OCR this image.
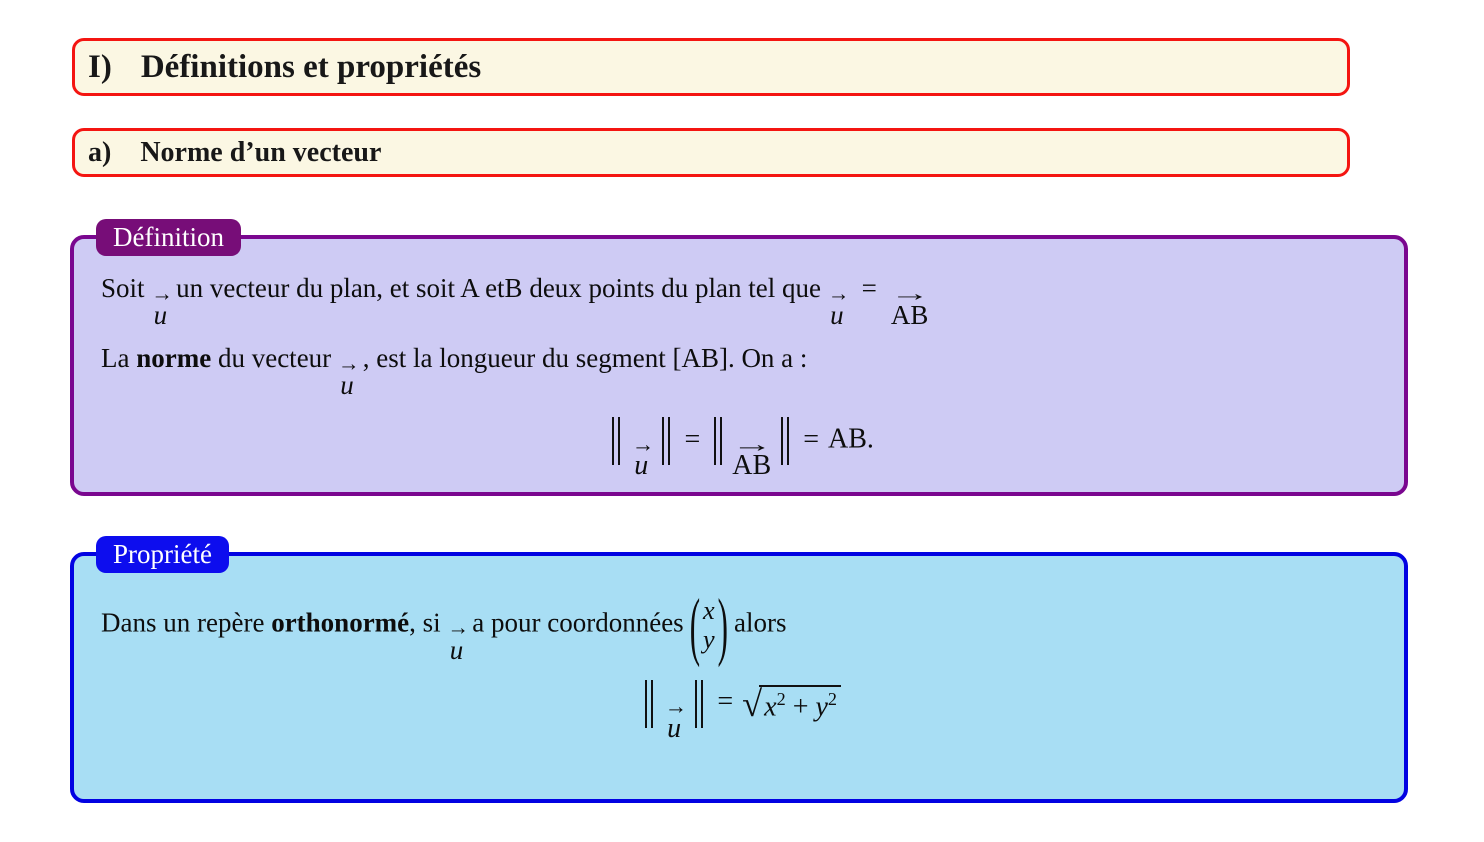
I) Définitions et propriétés
a) Norme d’un vecteur
Définition

Soit →
u
un vecteur du plan, et soit A etB deux points du plan tel que →
u
= →
AB

La norme du vecteur →
u
, est la longueur du segment [AB]. On a :

→
u
= →
AB
= AB.
Propriété

Dans un repère orthonormé, si →
u
a pour coordonnées ( x
y ) alors

→
u
= √ $x^2 + y^2$
